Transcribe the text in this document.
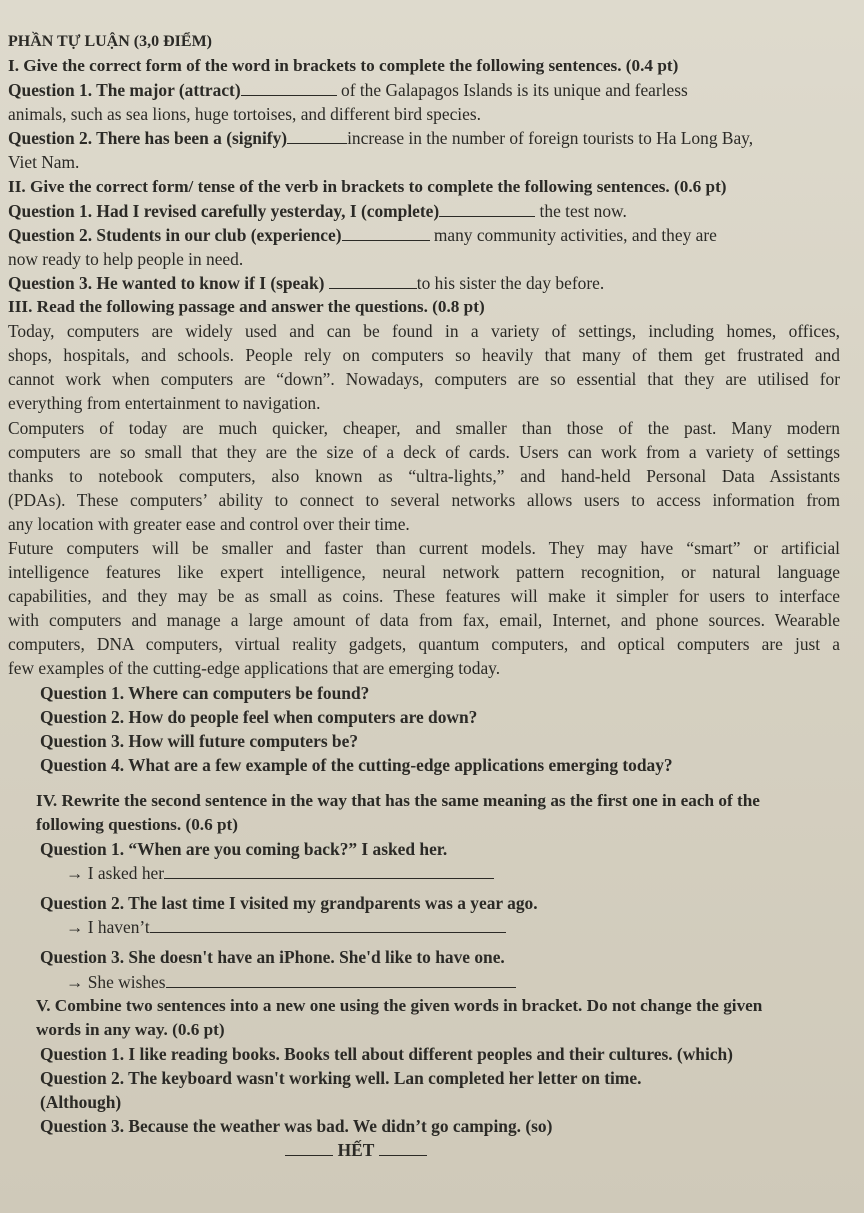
PHẦN TỰ LUẬN (3,0 ĐIỂM)
I. Give the correct form of the word in brackets to complete the following sentences. (0.4 pt)
Question 1. The major (attract)	of the Galapagos Islands is its unique and fearless
animals, such as sea lions, huge tortoises, and different bird species.
Question 2. There has been a (signify)	increase in the number of foreign tourists to Ha Long Bay,
Viet Nam.
II. Give the correct form/ tense of the verb in brackets to complete the following sentences. (0.6 pt)
Question 1. Had I revised carefully yesterday, I (complete)	the test now.
Question 2. Students in our club (experience)	many community activities, and they are
now ready to help people in need.
Question 3. He wanted to know if I (speak)	to his sister the day before.
III. Read the following passage and answer the questions. (0.8 pt)
Today, computers are widely used and can be found in a variety of settings, including homes, offices,
shops, hospitals, and schools. People rely on computers so heavily that many of them get frustrated and
cannot work when computers are “down”. Nowadays, computers are so essential that they are utilised for
everything from entertainment to navigation.
Computers of today are much quicker, cheaper, and smaller than those of the past. Many modern
computers are so small that they are the size of a deck of cards. Users can work from a variety of settings
thanks to notebook computers, also known as “ultra-lights,” and hand-held Personal Data Assistants
(PDAs). These computers’ ability to connect to several networks allows users to access information from
any location with greater ease and control over their time.
Future computers will be smaller and faster than current models. They may have “smart” or artificial
intelligence features like expert intelligence, neural network pattern recognition, or natural language
capabilities, and they may be as small as coins. These features will make it simpler for users to interface
with computers and manage a large amount of data from fax, email, Internet, and phone sources. Wearable
computers, DNA computers, virtual reality gadgets, quantum computers, and optical computers are just a
few examples of the cutting-edge applications that are emerging today.
Question 1. Where can computers be found?
Question 2. How do people feel when computers are down?
Question 3. How will future computers be?
Question 4. What are a few example of the cutting-edge applications emerging today?
IV. Rewrite the second sentence in the way that has the same meaning as the first one in each of the
following questions. (0.6 pt)
Question 1. “When are you coming back?” I asked her.
→ I asked her
Question 2. The last time I visited my grandparents was a year ago.
→ I haven’t
Question 3. She doesn't have an iPhone. She'd like to have one.
→ She wishes
V. Combine two sentences into a new one using the given words in bracket. Do not change the given
words in any way. (0.6 pt)
Question 1. I like reading books. Books tell about different peoples and their cultures. (which)
Question 2. The keyboard wasn't working well. Lan completed her letter on time.
(Although)
Question 3. Because the weather was bad. We didn’t go camping. (so)
HẾT
